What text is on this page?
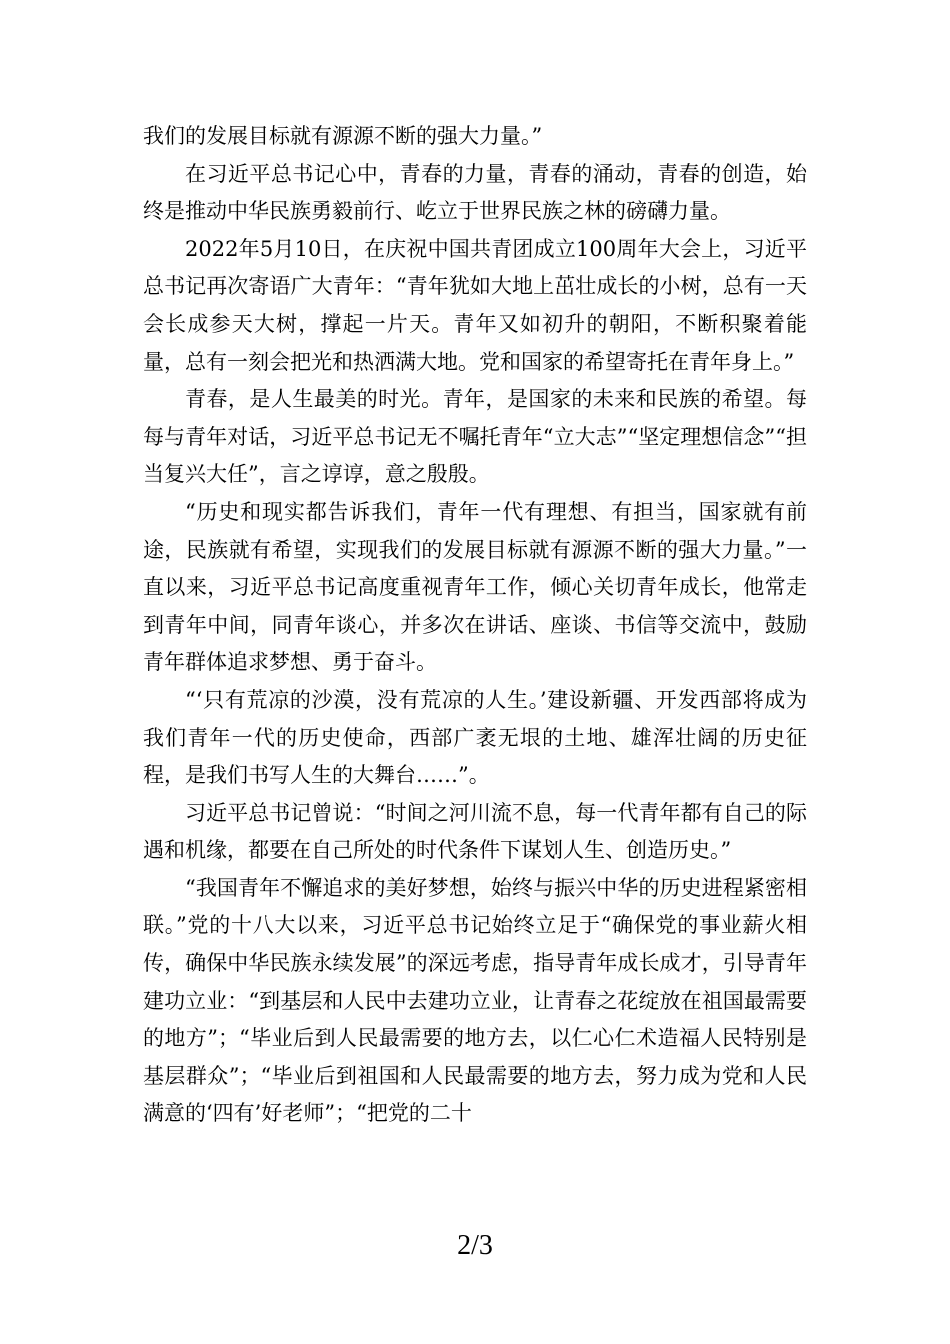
我们的发展目标就有源源不断的强大力量。”

在习近平总书记心中，青春的力量，青春的涌动，青春的创造，始终是推动中华民族勇毅前行、屹立于世界民族之林的磅礴力量。

2022年5月10日，在庆祝中国共青团成立100周年大会上，习近平总书记再次寄语广大青年：“青年犹如大地上茁壮成长的小树，总有一天会长成参天大树，撑起一片天。青年又如初升的朝阳，不断积聚着能量，总有一刻会把光和热洒满大地。党和国家的希望寄托在青年身上。”

青春，是人生最美的时光。青年，是国家的未来和民族的希望。每每与青年对话，习近平总书记无不嘱托青年“立大志”“坚定理想信念”“担当复兴大任”，言之谆谆，意之殷殷。

“历史和现实都告诉我们，青年一代有理想、有担当，国家就有前途，民族就有希望，实现我们的发展目标就有源源不断的强大力量。”一直以来，习近平总书记高度重视青年工作，倾心关切青年成长，他常走到青年中间，同青年谈心，并多次在讲话、座谈、书信等交流中，鼓励青年群体追求梦想、勇于奋斗。

“‘只有荒凉的沙漠，没有荒凉的人生。’建设新疆、开发西部将成为我们青年一代的历史使命，西部广袤无垠的土地、雄浑壮阔的历史征程，是我们书写人生的大舞台……”。

习近平总书记曾说：“时间之河川流不息，每一代青年都有自己的际遇和机缘，都要在自己所处的时代条件下谋划人生、创造历史。”

“我国青年不懈追求的美好梦想，始终与振兴中华的历史进程紧密相联。”党的十八大以来，习近平总书记始终立足于“确保党的事业薪火相传，确保中华民族永续发展”的深远考虑，指导青年成长成才，引导青年建功立业：“到基层和人民中去建功立业，让青春之花绽放在祖国最需要的地方”；“毕业后到人民最需要的地方去，以仁心仁术造福人民特别是基层群众”；“毕业后到祖国和人民最需要的地方去，努力成为党和人民满意的‘四有’好老师”；“把党的二十

2/3
